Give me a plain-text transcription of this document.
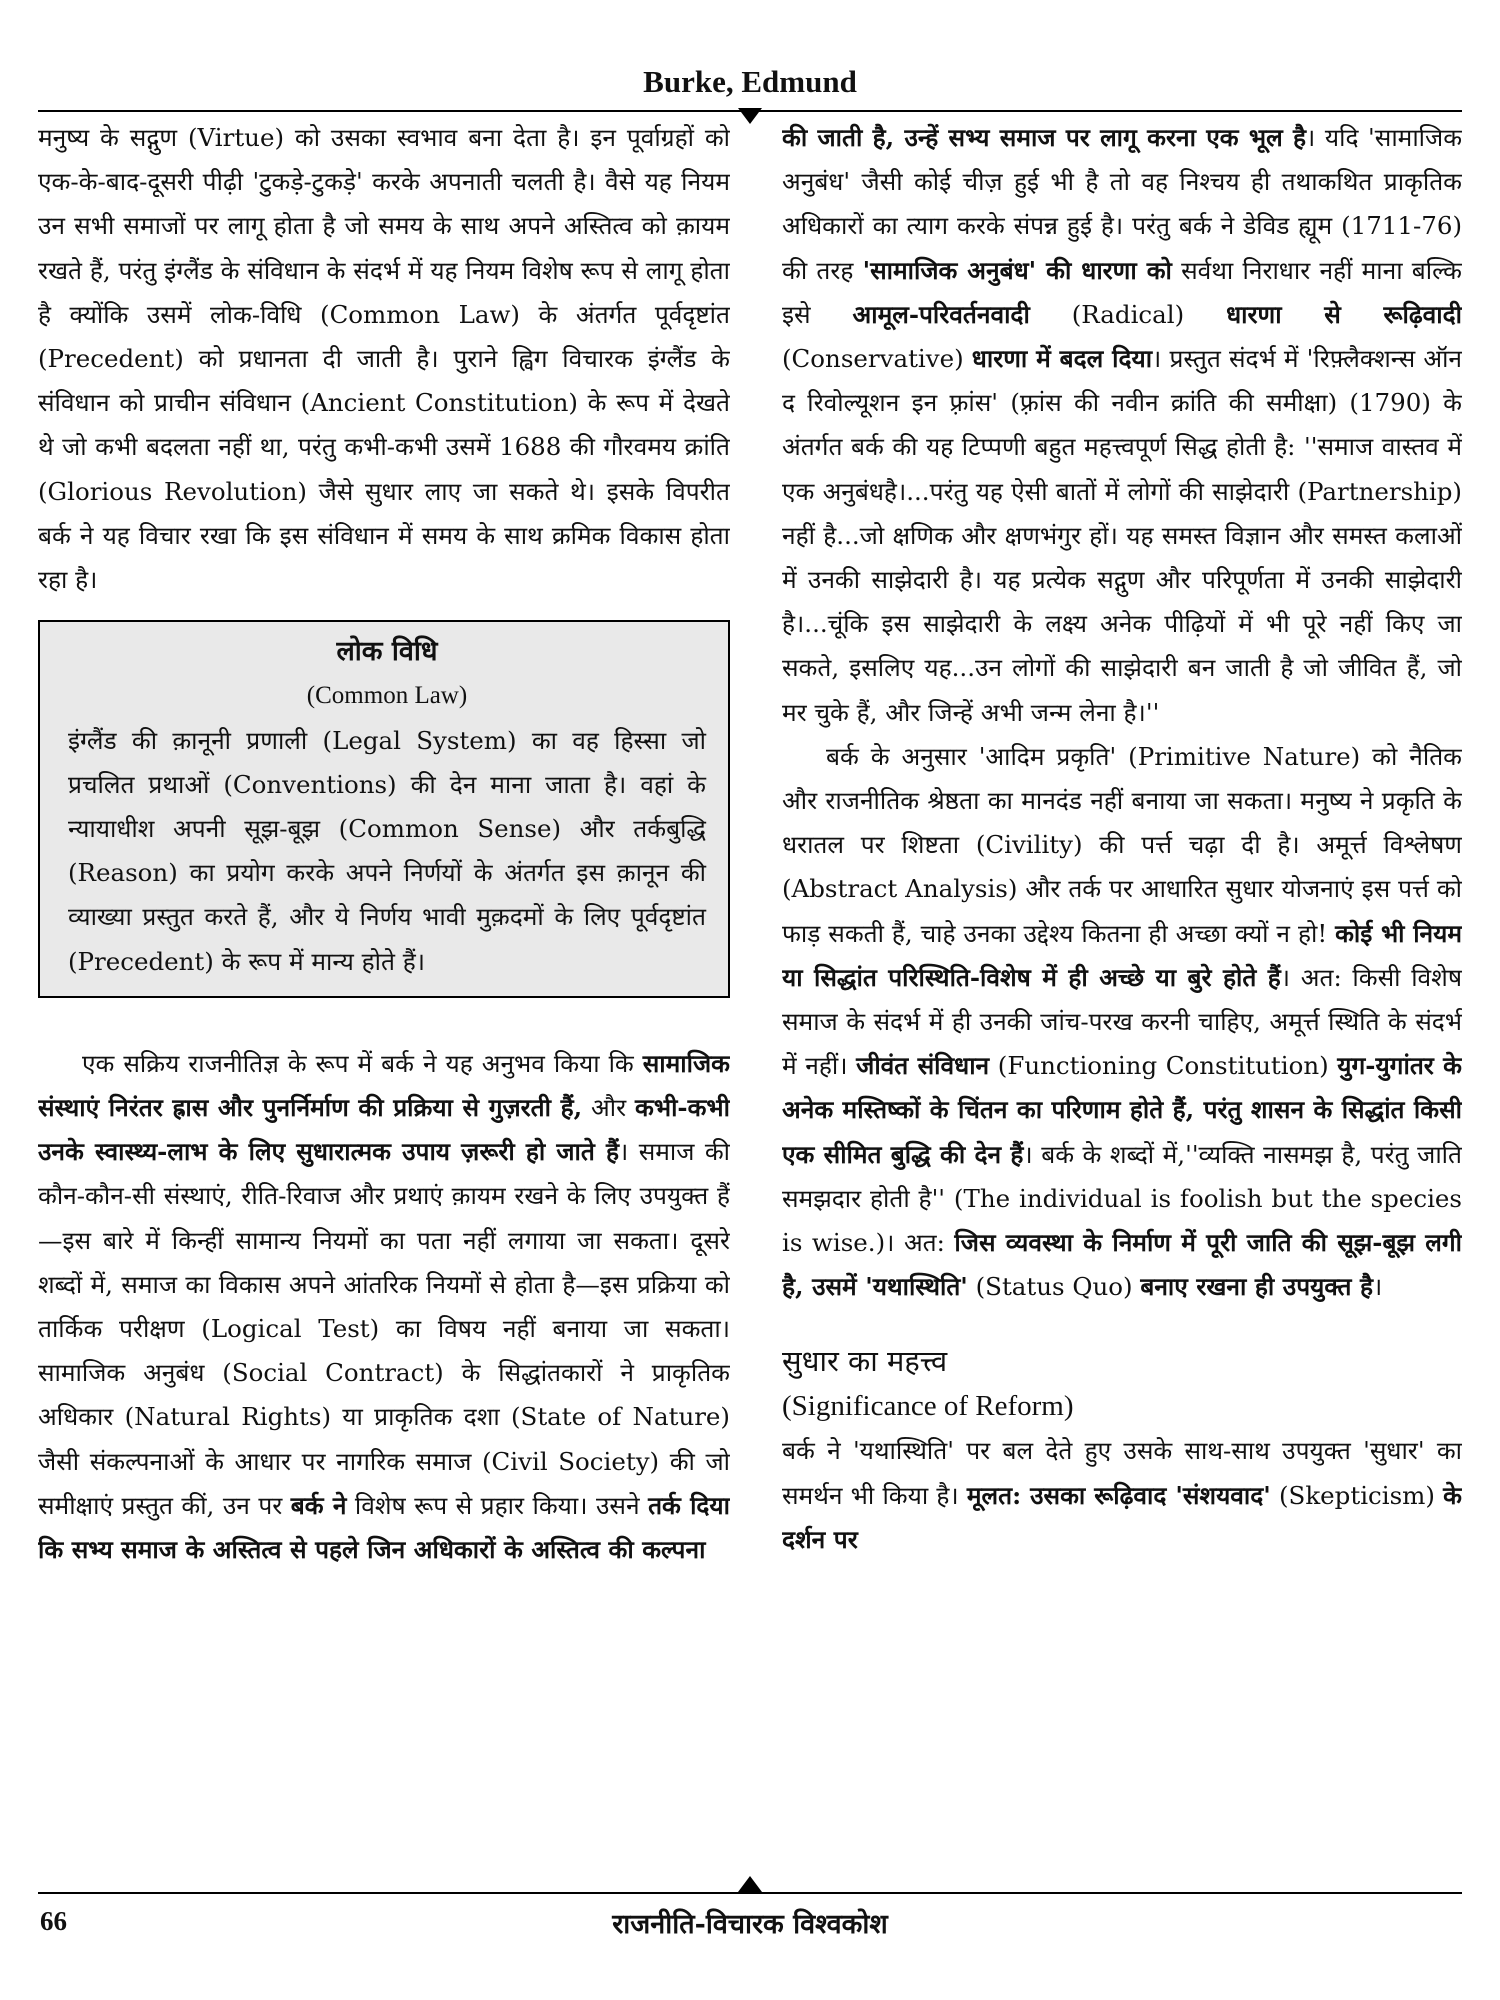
Burke, Edmund

मनुष्य के सद्गुण (Virtue) को उसका स्वभाव बना देता है। इन पूर्वाग्रहों को एक-के-बाद-दूसरी पीढ़ी 'टुकड़े-टुकड़े' करके अपनाती चलती है। वैसे यह नियम उन सभी समाजों पर लागू होता है जो समय के साथ अपने अस्तित्व को क़ायम रखते हैं, परंतु इंग्लैंड के संविधान के संदर्भ में यह नियम विशेष रूप से लागू होता है क्योंकि उसमें लोक-विधि (Common Law) के अंतर्गत पूर्वदृष्टांत (Precedent) को प्रधानता दी जाती है। पुराने ह्विग विचारक इंग्लैंड के संविधान को प्राचीन संविधान (Ancient Constitution) के रूप में देखते थे जो कभी बदलता नहीं था, परंतु कभी-कभी उसमें 1688 की गौरवमय क्रांति (Glorious Revolution) जैसे सुधार लाए जा सकते थे। इसके विपरीत बर्क ने यह विचार रखा कि इस संविधान में समय के साथ क्रमिक विकास होता रहा है।

लोक विधि
(Common Law)

इंग्लैंड की क़ानूनी प्रणाली (Legal System) का वह हिस्सा जो प्रचलित प्रथाओं (Conventions) की देन माना जाता है। वहां के न्यायाधीश अपनी सूझ-बूझ (Common Sense) और तर्कबुद्धि (Reason) का प्रयोग करके अपने निर्णयों के अंतर्गत इस क़ानून की व्याख्या प्रस्तुत करते हैं, और ये निर्णय भावी मुक़दमों के लिए पूर्वदृष्टांत (Precedent) के रूप में मान्य होते हैं।

एक सक्रिय राजनीतिज्ञ के रूप में बर्क ने यह अनुभव किया कि सामाजिक संस्थाएं निरंतर ह्रास और पुनर्निर्माण की प्रक्रिया से गुज़रती हैं, और कभी-कभी उनके स्वास्थ्य-लाभ के लिए सुधारात्मक उपाय ज़रूरी हो जाते हैं। समाज की कौन-कौन-सी संस्थाएं, रीति-रिवाज और प्रथाएं क़ायम रखने के लिए उपयुक्त हैं—इस बारे में किन्हीं सामान्य नियमों का पता नहीं लगाया जा सकता। दूसरे शब्दों में, समाज का विकास अपने आंतरिक नियमों से होता है—इस प्रक्रिया को तार्किक परीक्षण (Logical Test) का विषय नहीं बनाया जा सकता। सामाजिक अनुबंध (Social Contract) के सिद्धांतकारों ने प्राकृतिक अधिकार (Natural Rights) या प्राकृतिक दशा (State of Nature) जैसी संकल्पनाओं के आधार पर नागरिक समाज (Civil Society) की जो समीक्षाएं प्रस्तुत कीं, उन पर बर्क ने विशेष रूप से प्रहार किया। उसने तर्क दिया कि सभ्य समाज के अस्तित्व से पहले जिन अधिकारों के अस्तित्व की कल्पना

की जाती है, उन्हें सभ्य समाज पर लागू करना एक भूल है। यदि 'सामाजिक अनुबंध' जैसी कोई चीज़ हुई भी है तो वह निश्चय ही तथाकथित प्राकृतिक अधिकारों का त्याग करके संपन्न हुई है। परंतु बर्क ने डेविड ह्यूम (1711-76) की तरह 'सामाजिक अनुबंध' की धारणा को सर्वथा निराधार नहीं माना बल्कि इसे आमूल-परिवर्तनवादी (Radical) धारणा से रूढ़िवादी (Conservative) धारणा में बदल दिया। प्रस्तुत संदर्भ में 'रिफ़्लैक्शन्स ऑन द रिवोल्यूशन इन फ़्रांस' (फ़्रांस की नवीन क्रांति की समीक्षा) (1790) के अंतर्गत बर्क की यह टिप्पणी बहुत महत्त्वपूर्ण सिद्ध होती है: ''समाज वास्तव में एक अनुबंधहै।...परंतु यह ऐसी बातों में लोगों की साझेदारी (Partnership) नहीं है...जो क्षणिक और क्षणभंगुर हों। यह समस्त विज्ञान और समस्त कलाओं में उनकी साझेदारी है। यह प्रत्येक सद्गुण और परिपूर्णता में उनकी साझेदारी है।...चूंकि इस साझेदारी के लक्ष्य अनेक पीढ़ियों में भी पूरे नहीं किए जा सकते, इसलिए यह...उन लोगों की साझेदारी बन जाती है जो जीवित हैं, जो मर चुके हैं, और जिन्हें अभी जन्म लेना है।''

बर्क के अनुसार 'आदिम प्रकृति' (Primitive Nature) को नैतिक और राजनीतिक श्रेष्ठता का मानदंड नहीं बनाया जा सकता। मनुष्य ने प्रकृति के धरातल पर शिष्टता (Civility) की पर्त्त चढ़ा दी है। अमूर्त्त विश्लेषण (Abstract Analysis) और तर्क पर आधारित सुधार योजनाएं इस पर्त्त को फाड़ सकती हैं, चाहे उनका उद्देश्य कितना ही अच्छा क्यों न हो! कोई भी नियम या सिद्धांत परिस्थिति-विशेष में ही अच्छे या बुरे होते हैं। अत: किसी विशेष समाज के संदर्भ में ही उनकी जांच-परख करनी चाहिए, अमूर्त्त स्थिति के संदर्भ में नहीं। जीवंत संविधान (Functioning Constitution) युग-युगांतर के अनेक मस्तिष्कों के चिंतन का परिणाम होते हैं, परंतु शासन के सिद्धांत किसी एक सीमित बुद्धि की देन हैं। बर्क के शब्दों में,''व्यक्ति नासमझ है, परंतु जाति समझदार होती है'' (The individual is foolish but the species is wise.)। अत: जिस व्यवस्था के निर्माण में पूरी जाति की सूझ-बूझ लगी है, उसमें 'यथास्थिति' (Status Quo) बनाए रखना ही उपयुक्त है।

सुधार का महत्त्व
(Significance of Reform)

बर्क ने 'यथास्थिति' पर बल देते हुए उसके साथ-साथ उपयुक्त 'सुधार' का समर्थन भी किया है। मूलत: उसका रूढ़िवाद 'संशयवाद' (Skepticism) के दर्शन पर

66	राजनीति-विचारक विश्वकोश
